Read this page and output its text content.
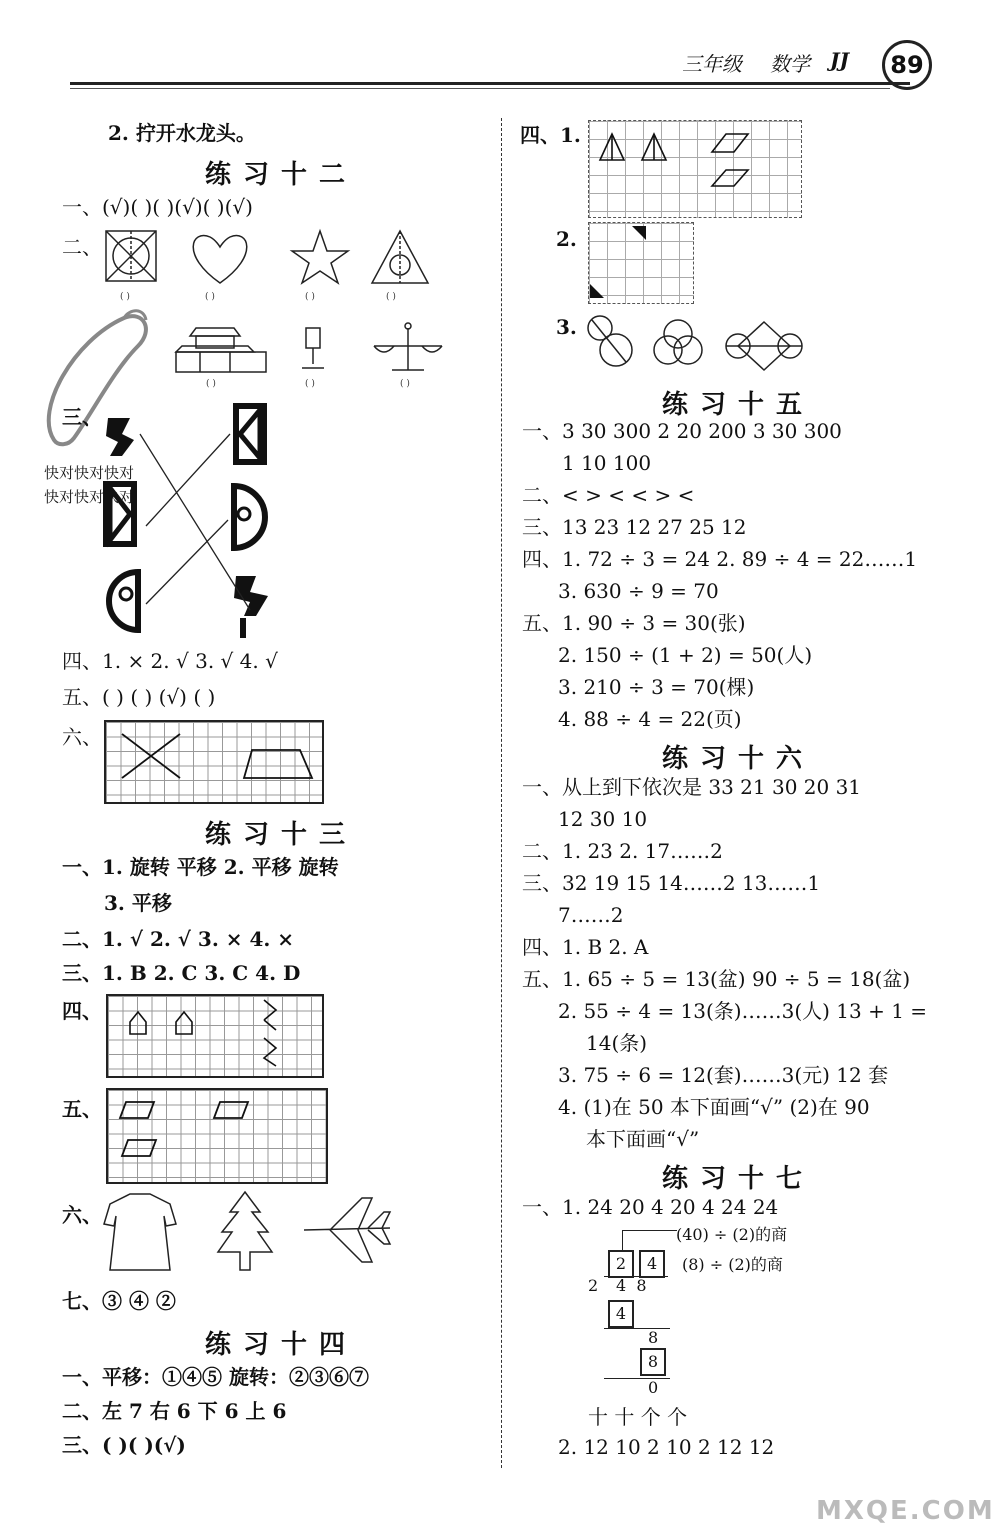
三年级 数学 JJ	89
2. 拧开水龙头。
练习十二
一、(√)( )( )(√)( )(√)
二、
( )	( )	( )	( )
( )	( )	( )
三、
快对快对快对
快对快对快对
四、1. × 2. √ 3. √ 4. √
五、( ) ( ) (√) ( )
六、
练习十三
一、1. 旋转 平移 2. 平移 旋转
3. 平移
二、1. √ 2. √ 3. × 4. ×
三、1. B 2. C 3. C 4. D
四、
五、
六、
七、③ ④ ②
练习十四
一、平移：①④⑤ 旋转：②③⑥⑦
二、左 7 右 6 下 6 上 6
三、( )( )(√)
四、1.
2.
3.
练习十五
一、3 30 300 2 20 200 3 30 300
1 10 100
二、< > < < > <
三、13 23 12 27 25 12
四、1. 72 ÷ 3 = 24 2. 89 ÷ 4 = 22……1
3. 630 ÷ 9 = 70
五、1. 90 ÷ 3 = 30(张)
2. 150 ÷ (1 + 2) = 50(人)
3. 210 ÷ 3 = 70(棵)
4. 88 ÷ 4 = 22(页)
练习十六
一、从上到下依次是 33 21 30 20 31
12 30 10
二、1. 23 2. 17……2
三、32 19 15 14……2 13……1
7……2
四、1. B 2. A
五、1. 65 ÷ 5 = 13(盆) 90 ÷ 5 = 18(盆)
2. 55 ÷ 4 = 13(条)……3(人) 13 + 1 =
14(条)
3. 75 ÷ 6 = 12(套)……3(元) 12 套
4. (1)在 50 本下面画“√” (2)在 90
本下面画“√”
练习十七
一、1. 24 20 4 20 4 24 24
(40) ÷ (2)的商
(8) ÷ (2)的商
2 4
2 4  8
4
8
8
0
十 十 个 个
2. 12 10 2 10 2 12 12
MXQE.COM
